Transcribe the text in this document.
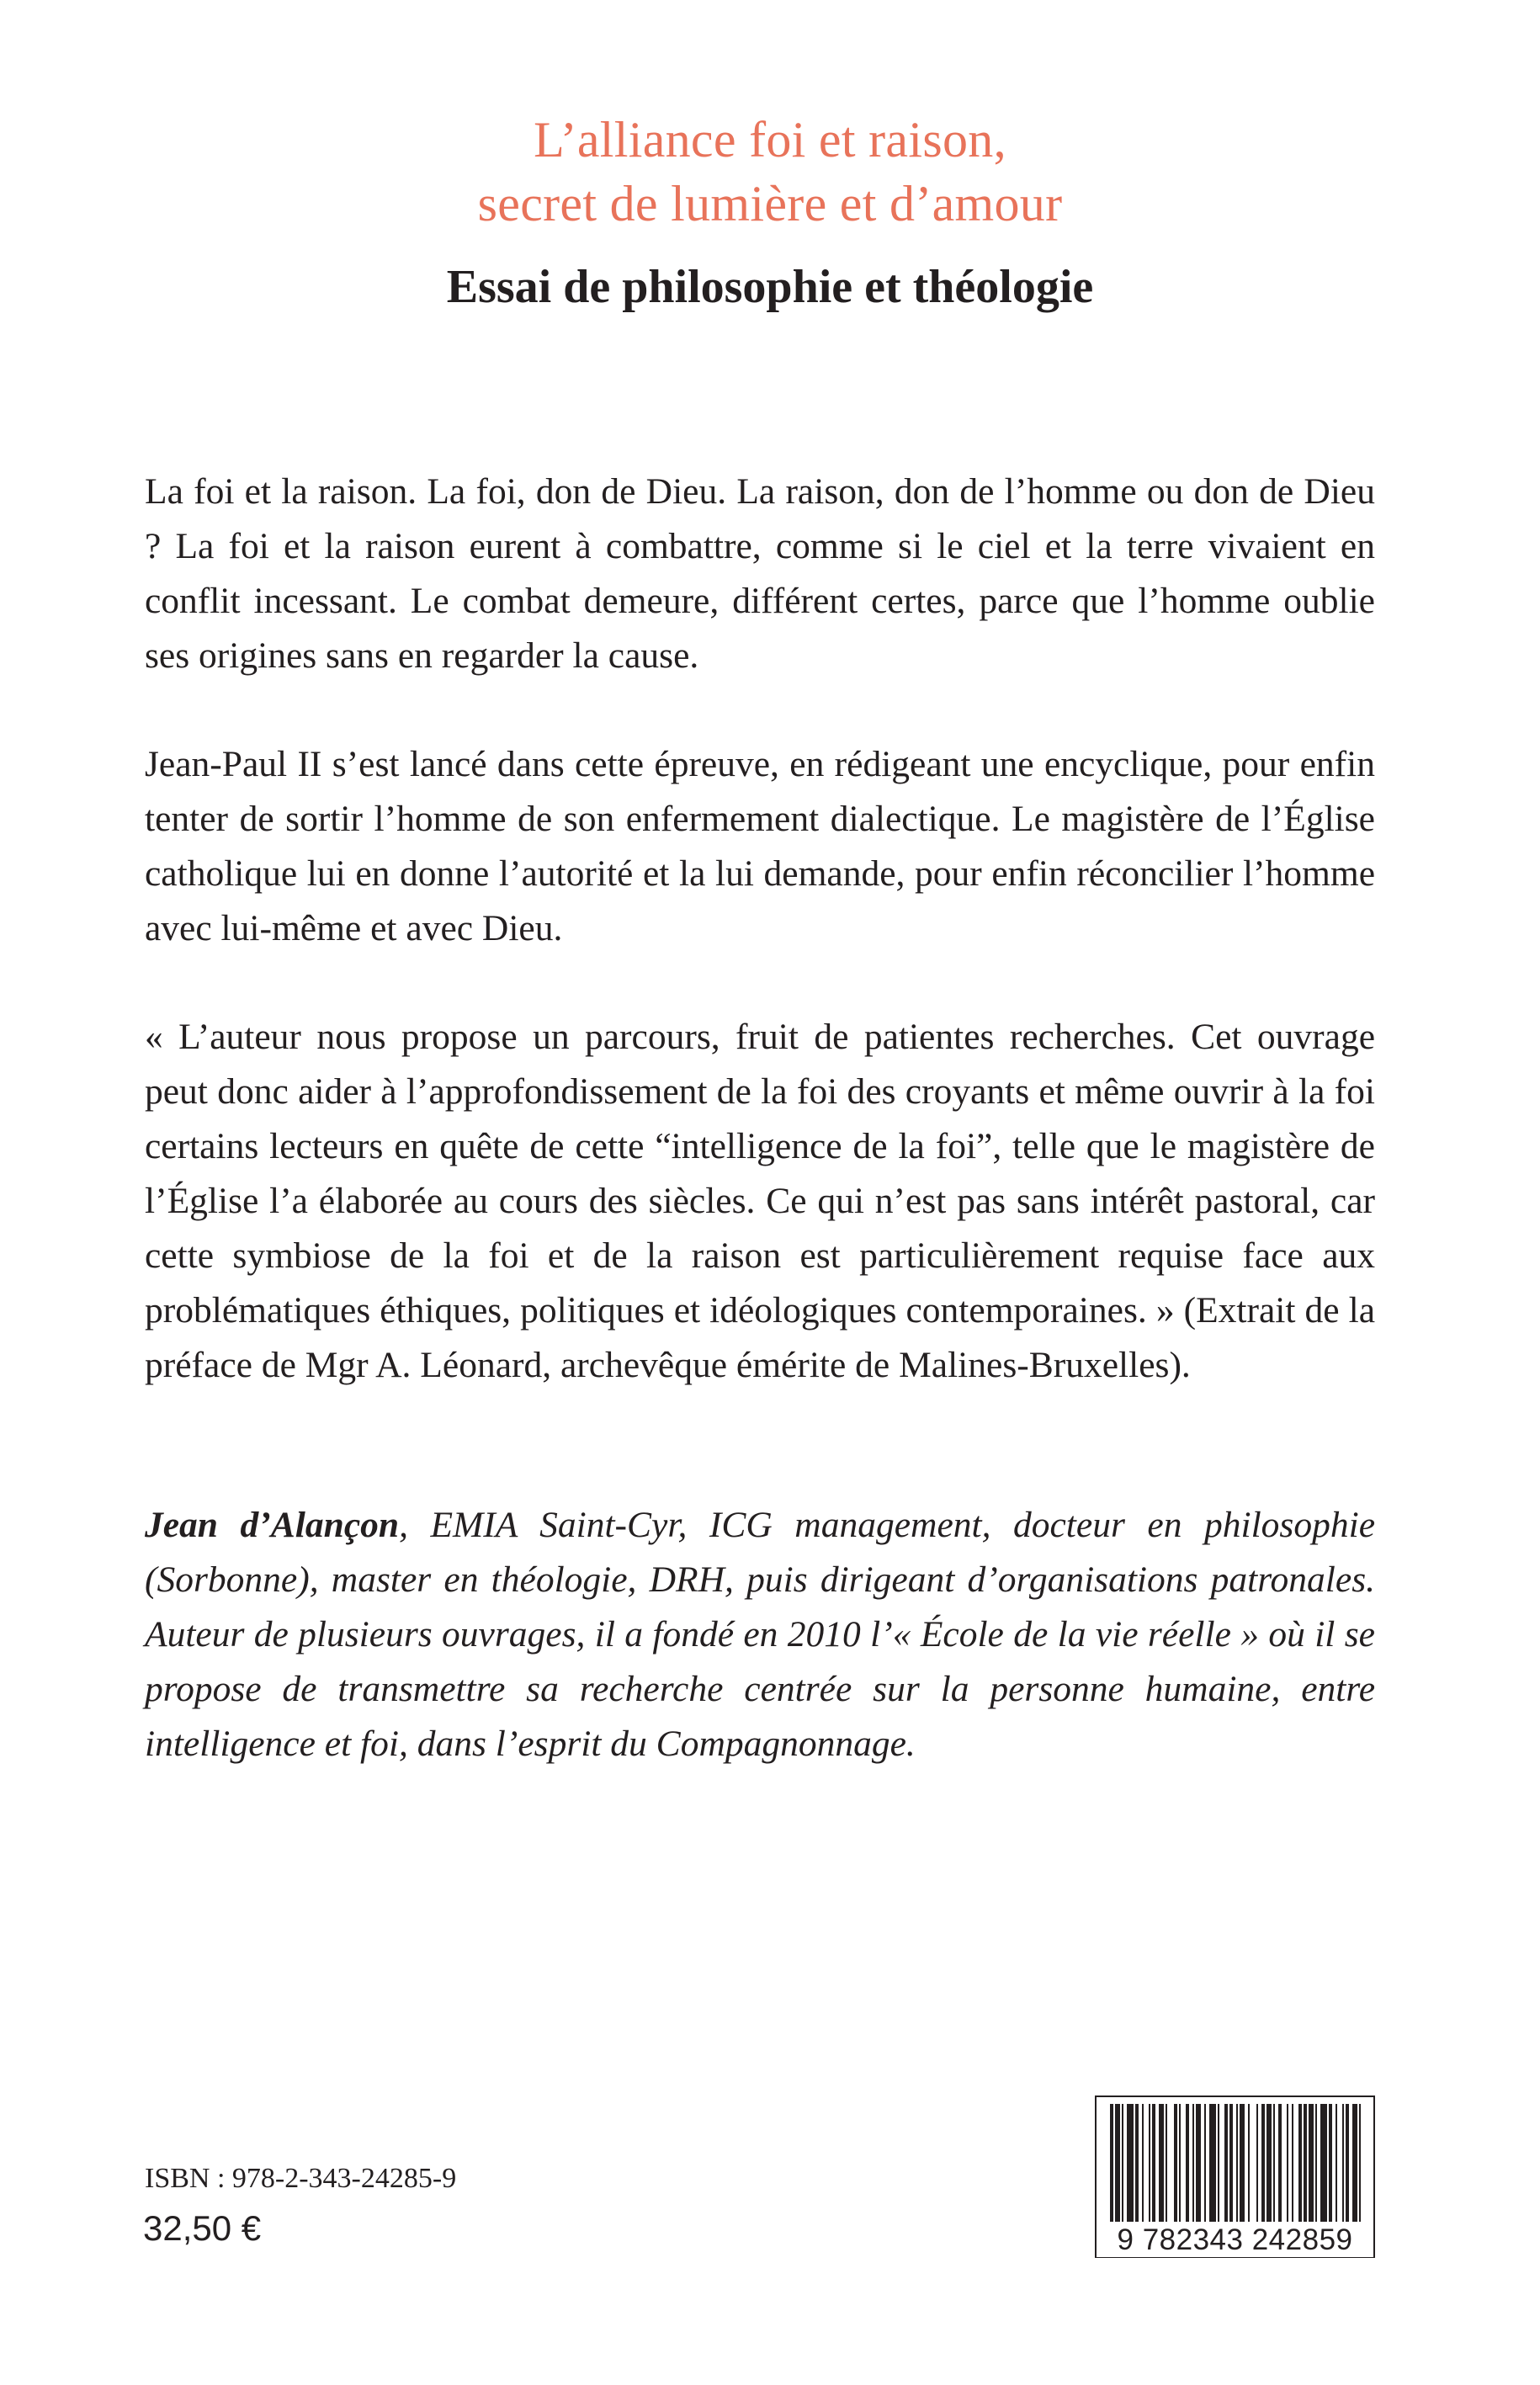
L’alliance foi et raison,
secret de lumière et d’amour
Essai de philosophie et théologie

La foi et la raison. La foi, don de Dieu. La raison, don de l’homme ou don de Dieu ? La foi et la raison eurent à combattre, comme si le ciel et la terre vivaient en conflit incessant. Le combat demeure, différent certes, parce que l’homme oublie ses origines sans en regarder la cause.

Jean-Paul II s’est lancé dans cette épreuve, en rédigeant une encyclique, pour enfin tenter de sortir l’homme de son enfermement dialectique. Le magistère de l’Église catholique lui en donne l’autorité et la lui demande, pour enfin réconcilier l’homme avec lui-même et avec Dieu.

« L’auteur nous propose un parcours, fruit de patientes recherches. Cet ouvrage peut donc aider à l’approfondissement de la foi des croyants et même ouvrir à la foi certains lecteurs en quête de cette “intelligence de la foi”, telle que le magistère de l’Église l’a élaborée au cours des siècles. Ce qui n’est pas sans intérêt pastoral, car cette symbiose de la foi et de la raison est particulièrement requise face aux problématiques éthiques, politiques et idéologiques contemporaines. » (Extrait de la préface de Mgr A. Léonard, archevêque émérite de Malines-Bruxelles).

Jean d’Alançon, EMIA Saint-Cyr, ICG management, docteur en philosophie (Sorbonne), master en théologie, DRH, puis dirigeant d’organisations patronales. Auteur de plusieurs ouvrages, il a fondé en 2010 l’« École de la vie réelle » où il se propose de transmettre sa recherche centrée sur la personne humaine, entre intelligence et foi, dans l’esprit du Compagnonnage.
ISBN : 978-2-343-24285-9
32,50 €	9 782343 242859
